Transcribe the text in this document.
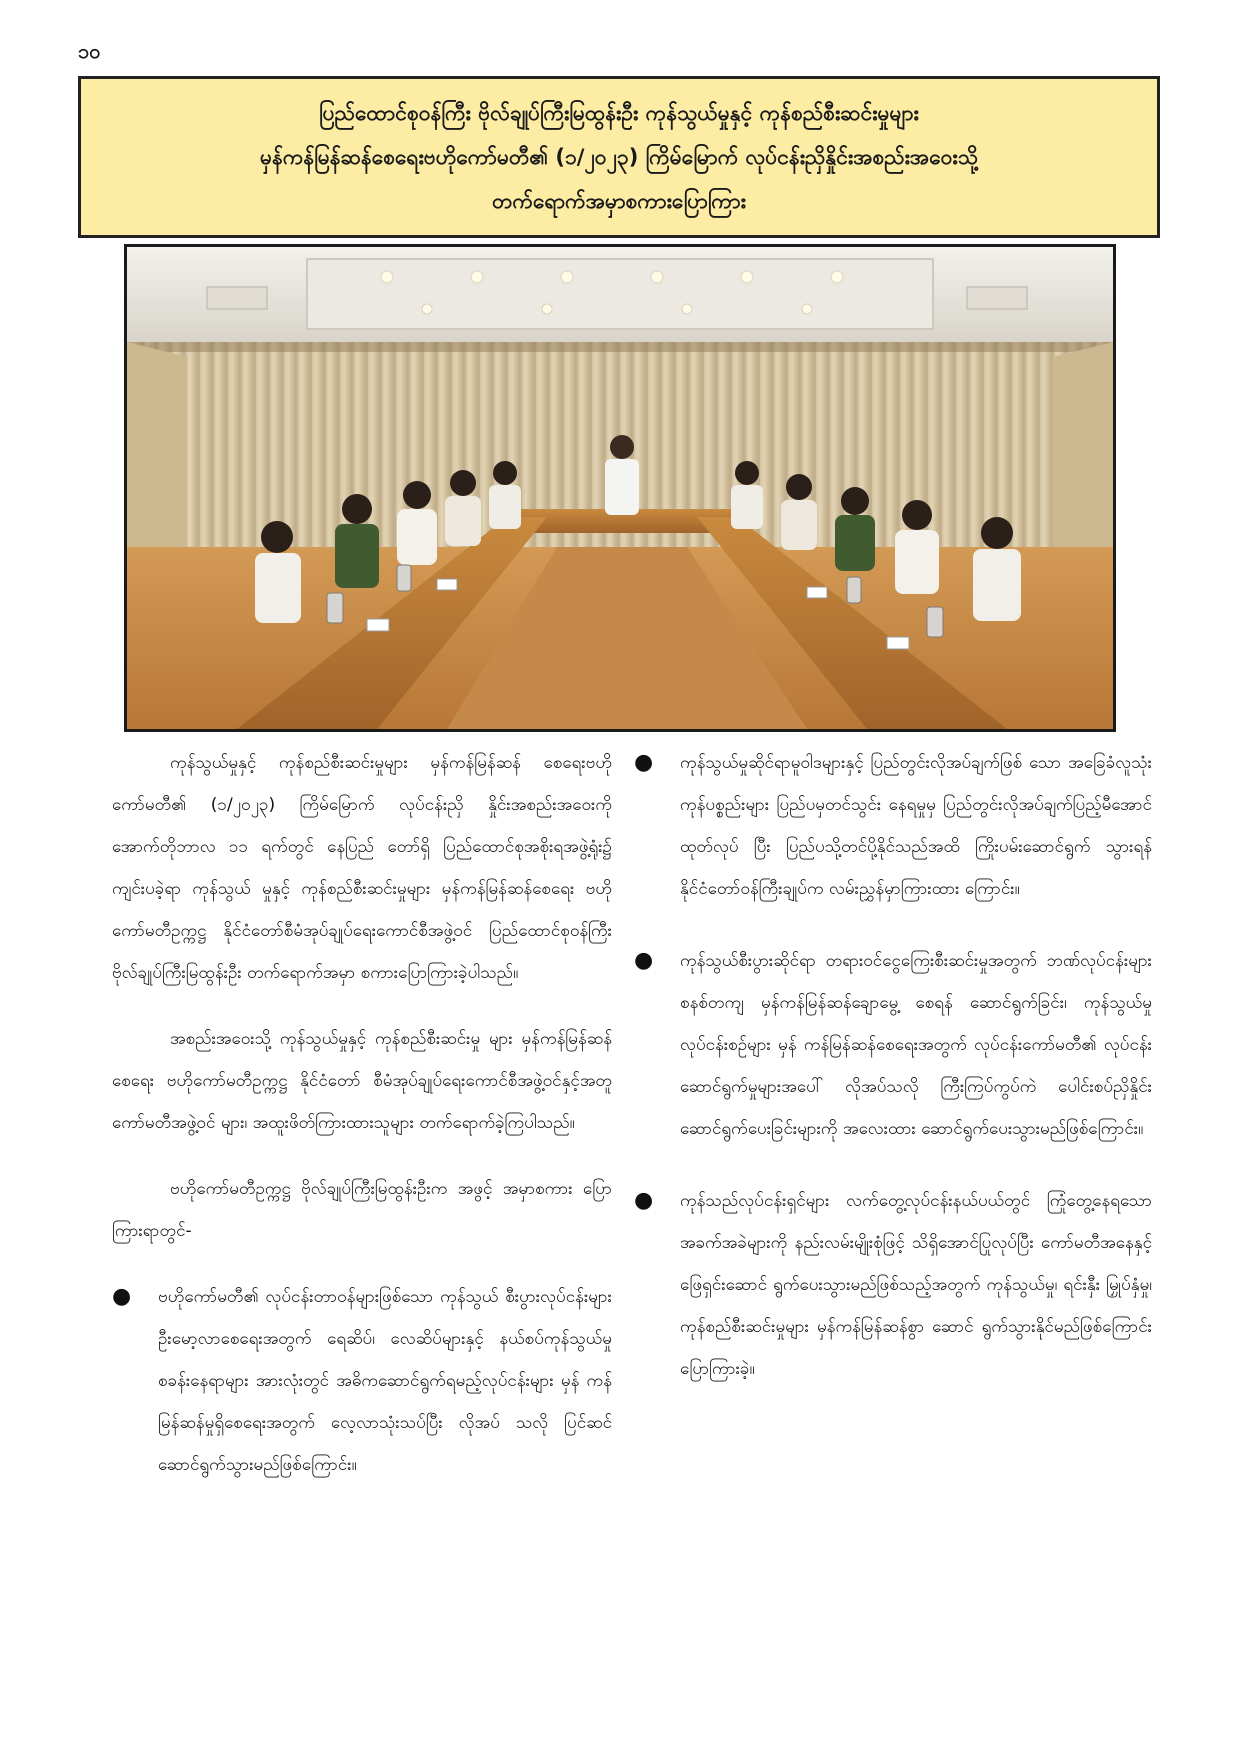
၁၀
ပြည်ထောင်စုဝန်ကြီး ဗိုလ်ချုပ်ကြီးမြထွန်းဦး ကုန်သွယ်မှုနှင့် ကုန်စည်စီးဆင်းမှုများ
မှန်ကန်မြန်ဆန်စေရေးဗဟိုကော်မတီ၏ (၁/၂၀၂၃) ကြိမ်မြောက် လုပ်ငန်းညှိနှိုင်းအစည်းအဝေးသို့
တက်ရောက်အမှာစကားပြောကြား

ကုန်သွယ်မှုနှင့် ကုန်စည်စီးဆင်းမှုများ မှန်ကန်မြန်ဆန် စေရေးဗဟိုကော်မတီ၏ (၁/၂၀၂၃) ကြိမ်မြောက် လုပ်ငန်းညှိ နှိုင်းအစည်းအဝေးကို အောက်တိုဘာလ ၁၁ ရက်တွင် နေပြည် တော်ရှိ ပြည်ထောင်စုအစိုးရအဖွဲ့ရုံး၌ ကျင်းပခဲ့ရာ ကုန်သွယ် မှုနှင့် ကုန်စည်စီးဆင်းမှုများ မှန်ကန်မြန်ဆန်စေရေး ဗဟို ကော်မတီဥက္ကဋ္ဌ နိုင်ငံတော်စီမံအုပ်ချုပ်ရေးကောင်စီအဖွဲ့ဝင် ပြည်ထောင်စုဝန်ကြီး ဗိုလ်ချုပ်ကြီးမြထွန်းဦး တက်ရောက်အမှာ စကားပြောကြားခဲ့ပါသည်။

အစည်းအဝေးသို့ ကုန်သွယ်မှုနှင့် ကုန်စည်စီးဆင်းမှု များ မှန်ကန်မြန်ဆန်စေရေး ဗဟိုကော်မတီဥက္ကဋ္ဌ နိုင်ငံတော် စီမံအုပ်ချုပ်ရေးကောင်စီအဖွဲ့ဝင်နှင့်အတူ ကော်မတီအဖွဲ့ဝင် များ၊ အထူးဖိတ်ကြားထားသူများ တက်ရောက်ခဲ့ကြပါသည်။

ဗဟိုကော်မတီဥက္ကဋ္ဌ ဗိုလ်ချုပ်ကြီးမြထွန်းဦးက အဖွင့် အမှာစကား ပြောကြားရာတွင်-

● ဗဟိုကော်မတီ၏ လုပ်ငန်းတာဝန်များဖြစ်သော ကုန်သွယ် စီးပွားလုပ်ငန်းများ ဦးမော့လာစေရေးအတွက် ရေဆိပ်၊ လေဆိပ်များနှင့် နယ်စပ်ကုန်သွယ်မှု စခန်းနေရာများ အားလုံးတွင် အဓိကဆောင်ရွက်ရမည့်လုပ်ငန်းများ မှန် ကန်မြန်ဆန်မှုရှိစေရေးအတွက် လေ့လာသုံးသပ်ပြီး လိုအပ် သလို ပြင်ဆင်ဆောင်ရွက်သွားမည်ဖြစ်ကြောင်း။
● ကုန်သွယ်မှုဆိုင်ရာမူဝါဒများနှင့် ပြည်တွင်းလိုအပ်ချက်ဖြစ် သော အခြေခံလူသုံးကုန်ပစ္စည်းများ ပြည်ပမှတင်သွင်း နေရမှုမှ ပြည်တွင်းလိုအပ်ချက်ပြည့်မီအောင် ထုတ်လုပ် ပြီး ပြည်ပသို့တင်ပို့နိုင်သည်အထိ ကြိုးပမ်းဆောင်ရွက် သွားရန် နိုင်ငံတော်ဝန်ကြီးချုပ်က လမ်းညွှန်မှာကြားထား ကြောင်း။
● ကုန်သွယ်စီးပွားဆိုင်ရာ တရားဝင်ငွေကြေးစီးဆင်းမှုအတွက် ဘဏ်လုပ်ငန်းများ စနစ်တကျ မှန်ကန်မြန်ဆန်ချောမွေ့ စေရန် ဆောင်ရွက်ခြင်း၊ ကုန်သွယ်မှုလုပ်ငန်းစဉ်များ မှန် ကန်မြန်ဆန်စေရေးအတွက် လုပ်ငန်းကော်မတီ၏ လုပ်ငန်း ဆောင်ရွက်မှုများအပေါ် လိုအပ်သလို ကြီးကြပ်ကွပ်ကဲ ပေါင်းစပ်ညှိနှိုင်းဆောင်ရွက်ပေးခြင်းများကို အလေးထား ဆောင်ရွက်ပေးသွားမည်ဖြစ်ကြောင်း။
● ကုန်သည်လုပ်ငန်းရှင်များ လက်တွေ့လုပ်ငန်းနယ်ပယ်တွင် ကြုံတွေ့နေရသော အခက်အခဲများကို နည်းလမ်းမျိုးစုံဖြင့် သိရှိအောင်ပြုလုပ်ပြီး ကော်မတီအနေနှင့် ဖြေရှင်းဆောင် ရွက်ပေးသွားမည်ဖြစ်သည့်အတွက် ကုန်သွယ်မှု၊ ရင်းနှီး မြှုပ်နှံမှု၊ ကုန်စည်စီးဆင်းမှုများ မှန်ကန်မြန်ဆန်စွာ ဆောင် ရွက်သွားနိုင်မည်ဖြစ်ကြောင်း ပြောကြားခဲ့။
